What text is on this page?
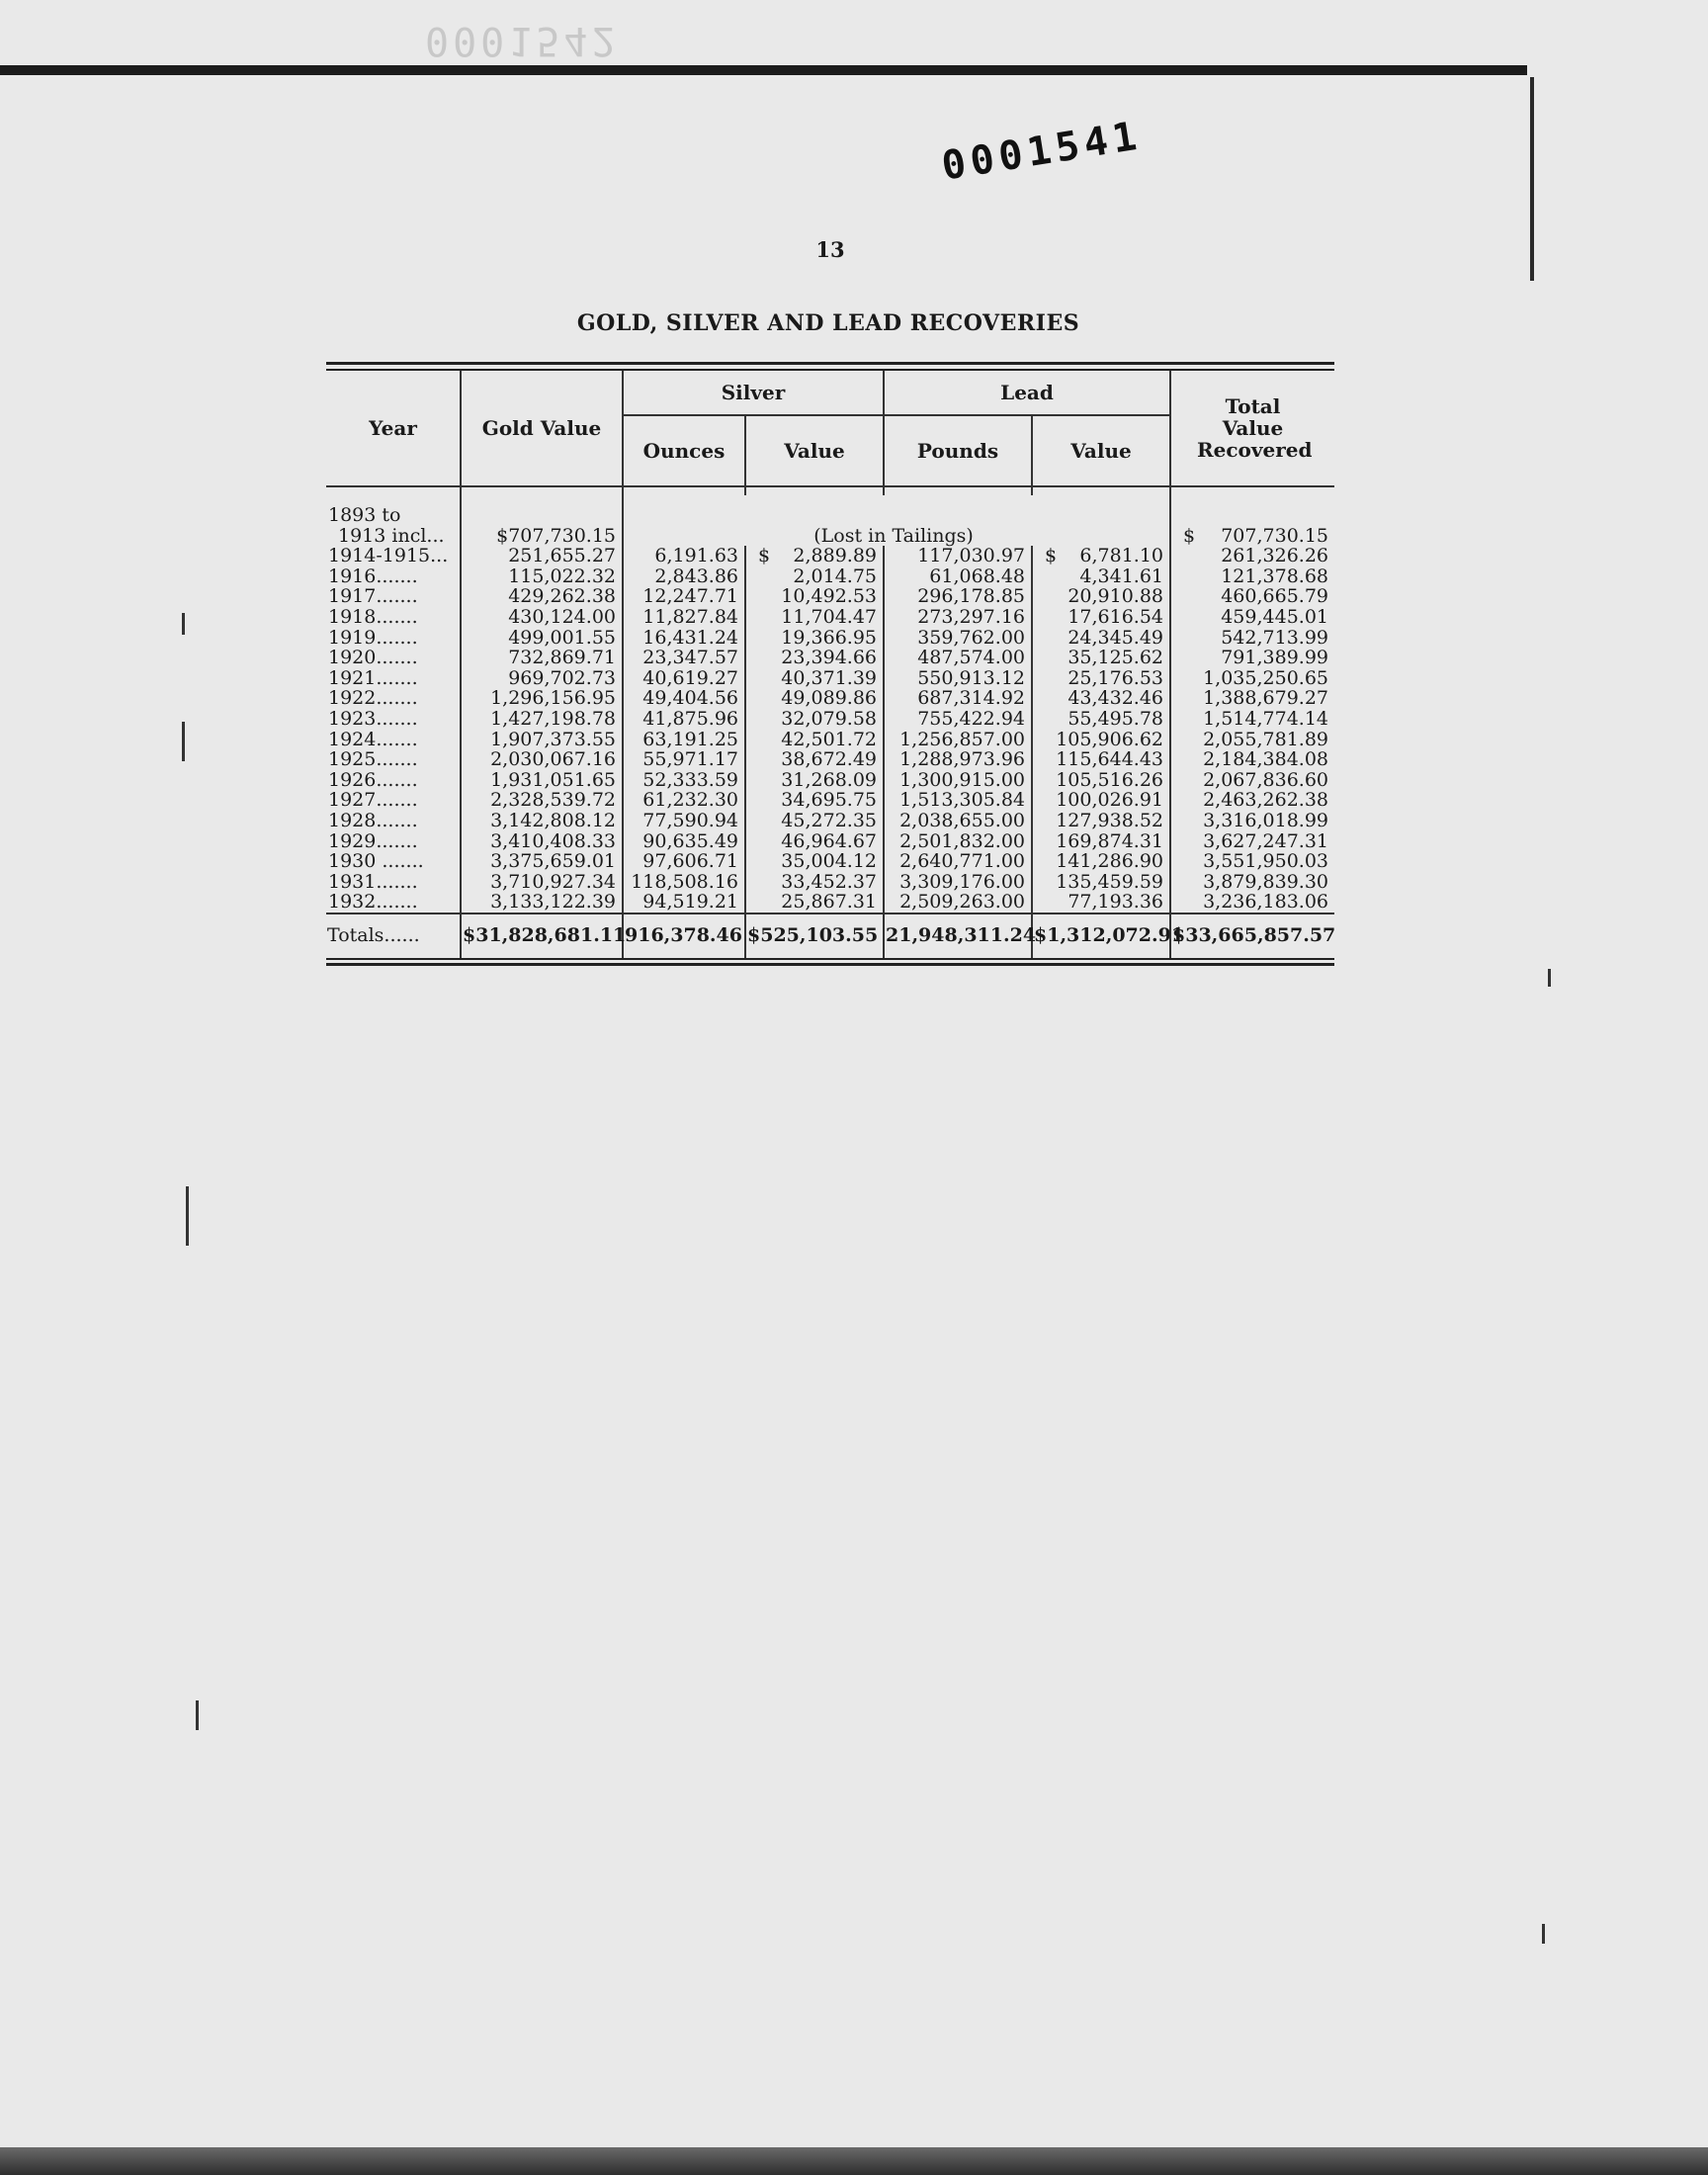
0001542
0001541
13
GOLD, SILVER AND LEAD RECOVERIES
Year	Gold Value	Silver		Lead		Total Value Recovered
		Ounces	Value	Pounds	Value	

1893 to						
1913 incl...	$707,730.15	(Lost in Tailings)				$ 707,730.15
1914-1915...	251,655.27	6,191.63	$ 2,889.89	117,030.97	$ 6,781.10	261,326.26
1916.......	115,022.32	2,843.86	2,014.75	61,068.48	4,341.61	121,378.68
1917.......	429,262.38	12,247.71	10,492.53	296,178.85	20,910.88	460,665.79
1918.......	430,124.00	11,827.84	11,704.47	273,297.16	17,616.54	459,445.01
1919.......	499,001.55	16,431.24	19,366.95	359,762.00	24,345.49	542,713.99
1920.......	732,869.71	23,347.57	23,394.66	487,574.00	35,125.62	791,389.99
1921.......	969,702.73	40,619.27	40,371.39	550,913.12	25,176.53	1,035,250.65
1922.......	1,296,156.95	49,404.56	49,089.86	687,314.92	43,432.46	1,388,679.27
1923.......	1,427,198.78	41,875.96	32,079.58	755,422.94	55,495.78	1,514,774.14
1924.......	1,907,373.55	63,191.25	42,501.72	1,256,857.00	105,906.62	2,055,781.89
1925.......	2,030,067.16	55,971.17	38,672.49	1,288,973.96	115,644.43	2,184,384.08
1926.......	1,931,051.65	52,333.59	31,268.09	1,300,915.00	105,516.26	2,067,836.60
1927.......	2,328,539.72	61,232.30	34,695.75	1,513,305.84	100,026.91	2,463,262.38
1928.......	3,142,808.12	77,590.94	45,272.35	2,038,655.00	127,938.52	3,316,018.99
1929.......	3,410,408.33	90,635.49	46,964.67	2,501,832.00	169,874.31	3,627,247.31
1930 .......	3,375,659.01	97,606.71	35,004.12	2,640,771.00	141,286.90	3,551,950.03
1931.......	3,710,927.34	118,508.16	33,452.37	3,309,176.00	135,459.59	3,879,839.30
1932.......	3,133,122.39	94,519.21	25,867.31	2,509,263.00	77,193.36	3,236,183.06
Totals......	$31,828,681.11	916,378.46	$525,103.55	21,948,311.24	$1,312,072.91	$33,665,857.57
